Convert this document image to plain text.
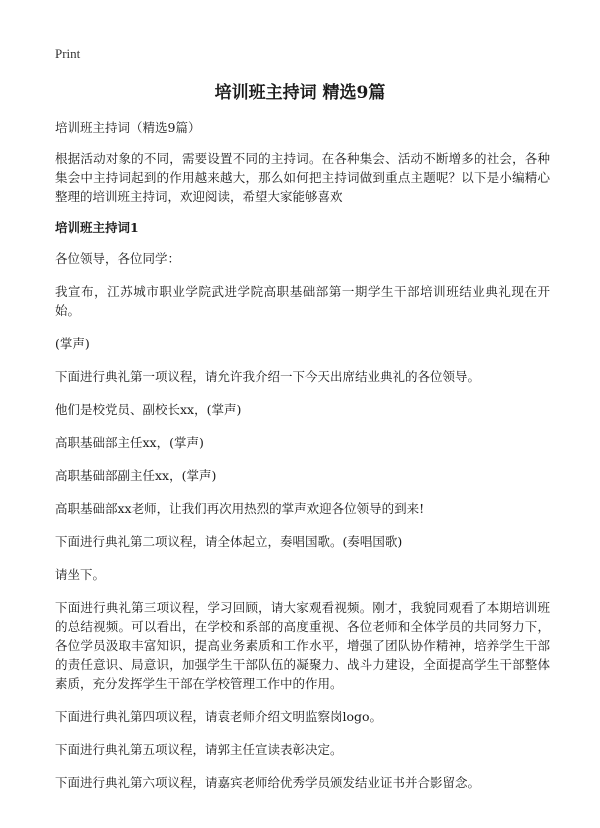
Print
培训班主持词 精选9篇

培训班主持词（精选9篇）

根据活动对象的不同，需要设置不同的主持词。在各种集会、活动不断增多的社会，各种集会中主持词起到的作用越来越大，那么如何把主持词做到重点主题呢？以下是小编精心整理的培训班主持词，欢迎阅读，希望大家能够喜欢

培训班主持词1

各位领导，各位同学：

我宣布，江苏城市职业学院武进学院高职基础部第一期学生干部培训班结业典礼现在开始。

(掌声)

下面进行典礼第一项议程，请允许我介绍一下今天出席结业典礼的各位领导。

他们是校党员、副校长xx，(掌声)

高职基础部主任xx，(掌声)

高职基础部副主任xx，(掌声)

高职基础部xx老师，让我们再次用热烈的掌声欢迎各位领导的到来!

下面进行典礼第二项议程，请全体起立，奏唱国歌。(奏唱国歌)

请坐下。

下面进行典礼第三项议程，学习回顾，请大家观看视频。刚才，我貌同观看了本期培训班的总结视频。可以看出，在学校和系部的高度重视、各位老师和全体学员的共同努力下，各位学员汲取丰富知识，提高业务素质和工作水平，增强了团队协作精神，培养学生干部的责任意识、局意识，加强学生干部队伍的凝聚力、战斗力建设，全面提高学生干部整体素质，充分发挥学生干部在学校管理工作中的作用。

下面进行典礼第四项议程，请袁老师介绍文明监察岗logo。

下面进行典礼第五项议程，请郭主任宣读表彰决定。

下面进行典礼第六项议程，请嘉宾老师给优秀学员颁发结业证书并合影留念。
